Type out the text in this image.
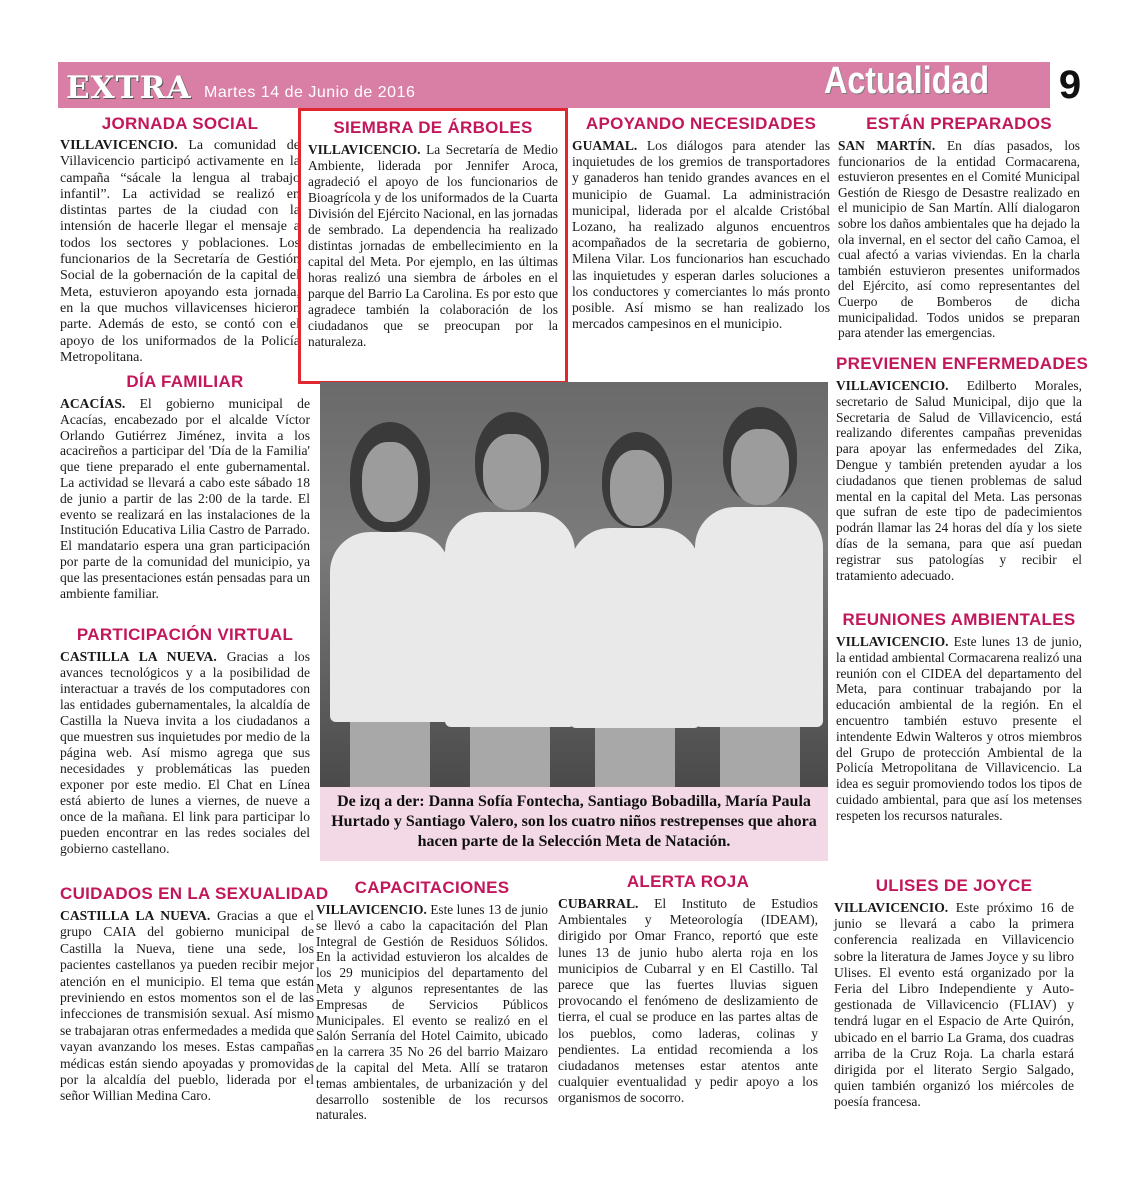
EXTRA Martes 14 de Junio de 2016	Actualidad 9
JORNADA SOCIAL

VILLAVICENCIO. La comunidad de Villavicencio participó activamente en la campaña “sácale la lengua al trabajo infantil”. La actividad se realizó en distintas partes de la ciudad con la intensión de hacerle llegar el mensaje a todos los sectores y poblaciones. Los funcionarios de la Secretaría de Gestión Social de la gobernación de la capital del Meta, estuvieron apoyando esta jornada, en la que muchos villavicenses hicieron parte. Además de esto, se contó con el apoyo de los uniformados de la Policía Metropolitana.

SIEMBRA DE ÁRBOLES

VILLAVICENCIO. La Secretaría de Medio Ambiente, liderada por Jennifer Aroca, agradeció el apoyo de los funcionarios de Bioagrícola y de los uniformados de la Cuarta División del Ejército Nacional, en las jornadas de sembrado. La dependencia ha realizado distintas jornadas de embellecimiento en la capital del Meta. Por ejemplo, en las últimas horas realizó una siembra de árboles en el parque del Barrio La Carolina. Es por esto que agradece también la colaboración de los ciudadanos que se preocupan por la naturaleza.

APOYANDO NECESIDADES

GUAMAL. Los diálogos para atender las inquietudes de los gremios de transportadores y ganaderos han tenido grandes avances en el municipio de Guamal. La administración municipal, liderada por el alcalde Cristóbal Lozano, ha realizado algunos encuentros acompañados de la secretaria de gobierno, Milena Vilar. Los funcionarios han escuchado las inquietudes y esperan darles soluciones a los conductores y comerciantes lo más pronto posible. Así mismo se han realizado los mercados campesinos en el municipio.

ESTÁN PREPARADOS

SAN MARTÍN. En días pasados, los funcionarios de la entidad Cormacarena, estuvieron presentes en el Comité Municipal Gestión de Riesgo de Desastre realizado en el municipio de San Martín. Allí dialogaron sobre los daños ambientales que ha dejado la ola invernal, en el sector del caño Camoa, el cual afectó a varias viviendas. En la charla también estuvieron presentes uniformados del Ejército, así como representantes del Cuerpo de Bomberos de dicha municipalidad. Todos unidos se preparan para atender las emergencias.

DÍA FAMILIAR

ACACÍAS. El gobierno municipal de Acacías, encabezado por el alcalde Víctor Orlando Gutiérrez Jiménez, invita a los acacireños a participar del 'Día de la Familia' que tiene preparado el ente gubernamental. La actividad se llevará a cabo este sábado 18 de junio a partir de las 2:00 de la tarde. El evento se realizará en las instalaciones de la Institución Educativa Lilia Castro de Parrado. El mandatario espera una gran participación por parte de la comunidad del municipio, ya que las presentaciones están pensadas para un ambiente familiar.

PARTICIPACIÓN VIRTUAL

CASTILLA LA NUEVA. Gracias a los avances tecnológicos y a la posibilidad de interactuar a través de los computadores con las entidades gubernamentales, la alcaldía de Castilla la Nueva invita a los ciudadanos a que muestren sus inquietudes por medio de la página web. Así mismo agrega que sus necesidades y problemáticas las pueden exponer por este medio. El Chat en Línea está abierto de lunes a viernes, de nueve a once de la mañana. El link para participar lo pueden encontrar en las redes sociales del gobierno castellano.

De izq a der: Danna Sofía Fontecha, Santiago Bobadilla, María Paula Hurtado y Santiago Valero, son los cuatro niños restrepenses que ahora hacen parte de la Selección Meta de Natación.
PREVIENEN ENFERMEDADES

VILLAVICENCIO. Edilberto Morales, secretario de Salud Municipal, dijo que la Secretaria de Salud de Villavicencio, está realizando diferentes campañas prevenidas para apoyar las enfermedades del Zika, Dengue y también pretenden ayudar a los ciudadanos que tienen problemas de salud mental en la capital del Meta. Las personas que sufran de este tipo de padecimientos podrán llamar las 24 horas del día y los siete días de la semana, para que así puedan registrar sus patologías y recibir el tratamiento adecuado.

REUNIONES AMBIENTALES

VILLAVICENCIO. Este lunes 13 de junio, la entidad ambiental Cormacarena realizó una reunión con el CIDEA del departamento del Meta, para continuar trabajando por la educación ambiental de la región. En el encuentro también estuvo presente el intendente Edwin Walteros y otros miembros del Grupo de protección Ambiental de la Policía Metropolitana de Villavicencio. La idea es seguir promoviendo todos los tipos de cuidado ambiental, para que así los metenses respeten los recursos naturales.

CUIDADOS EN LA SEXUALIDAD

CASTILLA LA NUEVA. Gracias a que el grupo CAIA del gobierno municipal de Castilla la Nueva, tiene una sede, los pacientes castellanos ya pueden recibir mejor atención en el municipio. El tema que están previniendo en estos momentos son el de las infecciones de transmisión sexual. Así mismo se trabajaran otras enfermedades a medida que vayan avanzando los meses. Estas campañas médicas están siendo apoyadas y promovidas por la alcaldía del pueblo, liderada por el señor Willian Medina Caro.

CAPACITACIONES

VILLAVICENCIO. Este lunes 13 de junio se llevó a cabo la capacitación del Plan Integral de Gestión de Residuos Sólidos. En la actividad estuvieron los alcaldes de los 29 municipios del departamento del Meta y algunos representantes de las Empresas de Servicios Públicos Municipales. El evento se realizó en el Salón Serranía del Hotel Caimito, ubicado en la carrera 35 No 26 del barrio Maizaro de la capital del Meta. Allí se trataron temas ambientales, de urbanización y del desarrollo sostenible de los recursos naturales.

ALERTA ROJA

CUBARRAL. El Instituto de Estudios Ambientales y Meteorología (IDEAM), dirigido por Omar Franco, reportó que este lunes 13 de junio hubo alerta roja en los municipios de Cubarral y en El Castillo. Tal parece que las fuertes lluvias siguen provocando el fenómeno de deslizamiento de tierra, el cual se produce en las partes altas de los pueblos, como laderas, colinas y pendientes. La entidad recomienda a los ciudadanos metenses estar atentos ante cualquier eventualidad y pedir apoyo a los organismos de socorro.

ULISES DE JOYCE

VILLAVICENCIO. Este próximo 16 de junio se llevará a cabo la primera conferencia realizada en Villavicencio sobre la literatura de James Joyce y su libro Ulises. El evento está organizado por la Feria del Libro Independiente y Auto-gestionada de Villavicencio (FLIAV) y tendrá lugar en el Espacio de Arte Quirón, ubicado en el barrio La Grama, dos cuadras arriba de la Cruz Roja. La charla estará dirigida por el literato Sergio Salgado, quien también organizó los miércoles de poesía francesa.
